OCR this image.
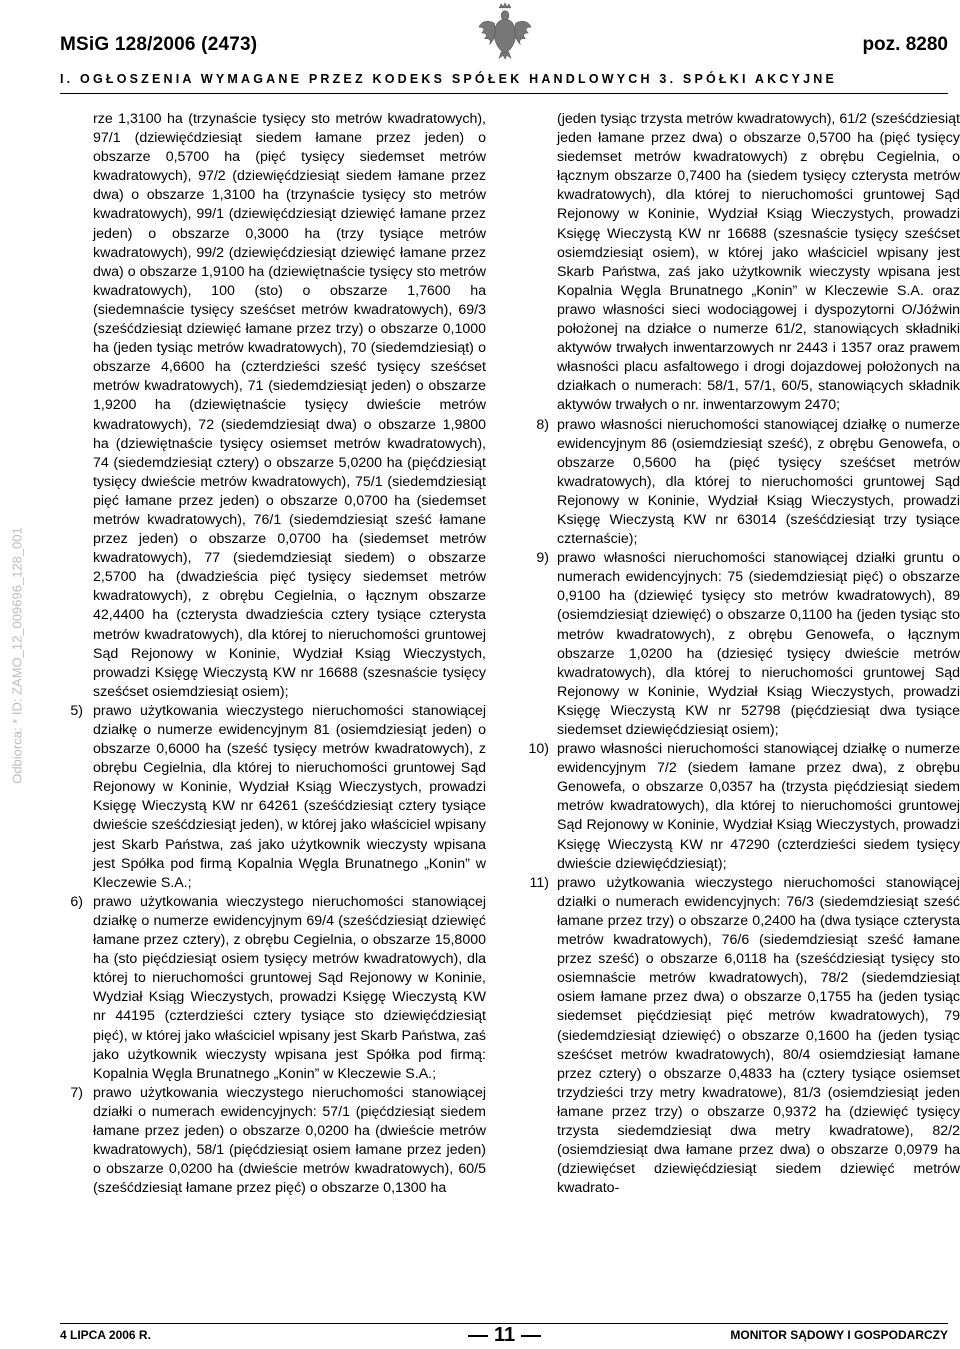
MSiG 128/2006 (2473)	poz. 8280
I. OGŁOSZENIA WYMAGANE PRZEZ KODEKS SPÓŁEK HANDLOWYCH 3. SPÓŁKI AKCYJNE
Odbiorca: * ID: ZAMO_12_009696_128_001

rze 1,3100 ha (trzynaście tysięcy sto metrów kwadratowych), 97/1 (dziewięćdziesiąt siedem łamane przez jeden) o obszarze 0,5700 ha (pięć tysięcy siedemset metrów kwadratowych), 97/2 (dziewięćdziesiąt siedem łamane przez dwa) o obszarze 1,3100 ha (trzynaście tysięcy sto metrów kwadratowych), 99/1 (dziewięćdziesiąt dziewięć łamane przez jeden) o obszarze 0,3000 ha (trzy tysiące metrów kwadratowych), 99/2 (dziewięćdziesiąt dziewięć łamane przez dwa) o obszarze 1,9100 ha (dziewiętnaście tysięcy sto metrów kwadratowych), 100 (sto) o obszarze 1,7600 ha (siedemnaście tysięcy sześćset metrów kwadratowych), 69/3 (sześćdziesiąt dziewięć łamane przez trzy) o obszarze 0,1000 ha (jeden tysiąc metrów kwadratowych), 70 (siedemdziesiąt) o obszarze 4,6600 ha (czterdzieści sześć tysięcy sześćset metrów kwadratowych), 71 (siedemdziesiąt jeden) o obszarze 1,9200 ha (dziewiętnaście tysięcy dwieście metrów kwadratowych), 72 (siedemdziesiąt dwa) o obszarze 1,9800 ha (dziewiętnaście tysięcy osiemset metrów kwadratowych), 74 (siedemdziesiąt cztery) o obszarze 5,0200 ha (pięćdziesiąt tysięcy dwieście metrów kwadratowych), 75/1 (siedemdziesiąt pięć łamane przez jeden) o obszarze 0,0700 ha (siedemset metrów kwadratowych), 76/1 (siedemdziesiąt sześć łamane przez jeden) o obszarze 0,0700 ha (siedemset metrów kwadratowych), 77 (siedemdziesiąt siedem) o obszarze 2,5700 ha (dwadzieścia pięć tysięcy siedemset metrów kwadratowych), z obrębu Cegielnia, o łącznym obszarze 42,4400 ha (czterysta dwadzieścia cztery tysiące czterysta metrów kwadratowych), dla której to nieruchomości gruntowej Sąd Rejonowy w Koninie, Wydział Ksiąg Wieczystych, prowadzi Księgę Wieczystą KW nr 16688 (szesnaście tysięcy sześćset osiemdziesiąt osiem);

5) prawo użytkowania wieczystego nieruchomości stanowiącej działkę o numerze ewidencyjnym 81 (osiemdziesiąt jeden) o obszarze 0,6000 ha (sześć tysięcy metrów kwadratowych), z obrębu Cegielnia, dla której to nieruchomości gruntowej Sąd Rejonowy w Koninie, Wydział Ksiąg Wieczystych, prowadzi Księgę Wieczystą KW nr 64261 (sześćdziesiąt cztery tysiące dwieście sześćdziesiąt jeden), w której jako właściciel wpisany jest Skarb Państwa, zaś jako użytkownik wieczysty wpisana jest Spółka pod firmą Kopalnia Węgla Brunatnego „Konin” w Kleczewie S.A.;
6) prawo użytkowania wieczystego nieruchomości stanowiącej działkę o numerze ewidencyjnym 69/4 (sześćdziesiąt dziewięć łamane przez cztery), z obrębu Cegielnia, o obszarze 15,8000 ha (sto pięćdziesiąt osiem tysięcy metrów kwadratowych), dla której to nieruchomości gruntowej Sąd Rejonowy w Koninie, Wydział Ksiąg Wieczystych, prowadzi Księgę Wieczystą KW nr 44195 (czterdzieści cztery tysiące sto dziewięćdziesiąt pięć), w której jako właściciel wpisany jest Skarb Państwa, zaś jako użytkownik wieczysty wpisana jest Spółka pod firmą: Kopalnia Węgla Brunatnego „Konin” w Kleczewie S.A.;
7) prawo użytkowania wieczystego nieruchomości stanowiącej działki o numerach ewidencyjnych: 57/1 (pięćdziesiąt siedem łamane przez jeden) o obszarze 0,0200 ha (dwieście metrów kwadratowych), 58/1 (pięćdziesiąt osiem łamane przez jeden) o obszarze 0,0200 ha (dwieście metrów kwadratowych), 60/5 (sześćdziesiąt łamane przez pięć) o obszarze 0,1300 ha

(jeden tysiąc trzysta metrów kwadratowych), 61/2 (sześćdziesiąt jeden łamane przez dwa) o obszarze 0,5700 ha (pięć tysięcy siedemset metrów kwadratowych) z obrębu Cegielnia, o łącznym obszarze 0,7400 ha (siedem tysięcy czterysta metrów kwadratowych), dla której to nieruchomości gruntowej Sąd Rejonowy w Koninie, Wydział Ksiąg Wieczystych, prowadzi Księgę Wieczystą KW nr 16688 (szesnaście tysięcy sześćset osiemdziesiąt osiem), w której jako właściciel wpisany jest Skarb Państwa, zaś jako użytkownik wieczysty wpisana jest Kopalnia Węgla Brunatnego „Konin” w Kleczewie S.A. oraz prawo własności sieci wodociągowej i dyspozytorni O/Jóźwin położonej na działce o numerze 61/2, stanowiących składniki aktywów trwałych inwentarzowych nr 2443 i 1357 oraz prawem własności placu asfaltowego i drogi dojazdowej położonych na działkach o numerach: 58/1, 57/1, 60/5, stanowiących składnik aktywów trwałych o nr. inwentarzowym 2470;

8) prawo własności nieruchomości stanowiącej działkę o numerze ewidencyjnym 86 (osiemdziesiąt sześć), z obrębu Genowefa, o obszarze 0,5600 ha (pięć tysięcy sześćset metrów kwadratowych), dla której to nieruchomości gruntowej Sąd Rejonowy w Koninie, Wydział Ksiąg Wieczystych, prowadzi Księgę Wieczystą KW nr 63014 (sześćdziesiąt trzy tysiące czternaście);
9) prawo własności nieruchomości stanowiącej działki gruntu o numerach ewidencyjnych: 75 (siedemdziesiąt pięć) o obszarze 0,9100 ha (dziewięć tysięcy sto metrów kwadratowych), 89 (osiemdziesiąt dziewięć) o obszarze 0,1100 ha (jeden tysiąc sto metrów kwadratowych), z obrębu Genowefa, o łącznym obszarze 1,0200 ha (dziesięć tysięcy dwieście metrów kwadratowych), dla której to nieruchomości gruntowej Sąd Rejonowy w Koninie, Wydział Ksiąg Wieczystych, prowadzi Księgę Wieczystą KW nr 52798 (pięćdziesiąt dwa tysiące siedemset dziewięćdziesiąt osiem);
10) prawo własności nieruchomości stanowiącej działkę o numerze ewidencyjnym 7/2 (siedem łamane przez dwa), z obrębu Genowefa, o obszarze 0,0357 ha (trzysta pięćdziesiąt siedem metrów kwadratowych), dla której to nieruchomości gruntowej Sąd Rejonowy w Koninie, Wydział Ksiąg Wieczystych, prowadzi Księgę Wieczystą KW nr 47290 (czterdzieści siedem tysięcy dwieście dziewięćdziesiąt);
11) prawo użytkowania wieczystego nieruchomości stanowiącej działki o numerach ewidencyjnych: 76/3 (siedemdziesiąt sześć łamane przez trzy) o obszarze 0,2400 ha (dwa tysiące czterysta metrów kwadratowych), 76/6 (siedemdziesiąt sześć łamane przez sześć) o obszarze 6,0118 ha (sześćdziesiąt tysięcy sto osiemnaście metrów kwadratowych), 78/2 (siedemdziesiąt osiem łamane przez dwa) o obszarze 0,1755 ha (jeden tysiąc siedemset pięćdziesiąt pięć metrów kwadratowych), 79 (siedemdziesiąt dziewięć) o obszarze 0,1600 ha (jeden tysiąc sześćset metrów kwadratowych), 80/4 osiemdziesiąt łamane przez cztery) o obszarze 0,4833 ha (cztery tysiące osiemset trzydzieści trzy metry kwadratowe), 81/3 (osiemdziesiąt jeden łamane przez trzy) o obszarze 0,9372 ha (dziewięć tysięcy trzysta siedemdziesiąt dwa metry kwadratowe), 82/2 (osiemdziesiąt dwa łamane przez dwa) o obszarze 0,0979 ha (dziewięćset dziewięćdziesiąt siedem dziewięć metrów kwadrato-
4 LIPCA 2006 R.	11	MONITOR SĄDOWY I GOSPODARCZY
